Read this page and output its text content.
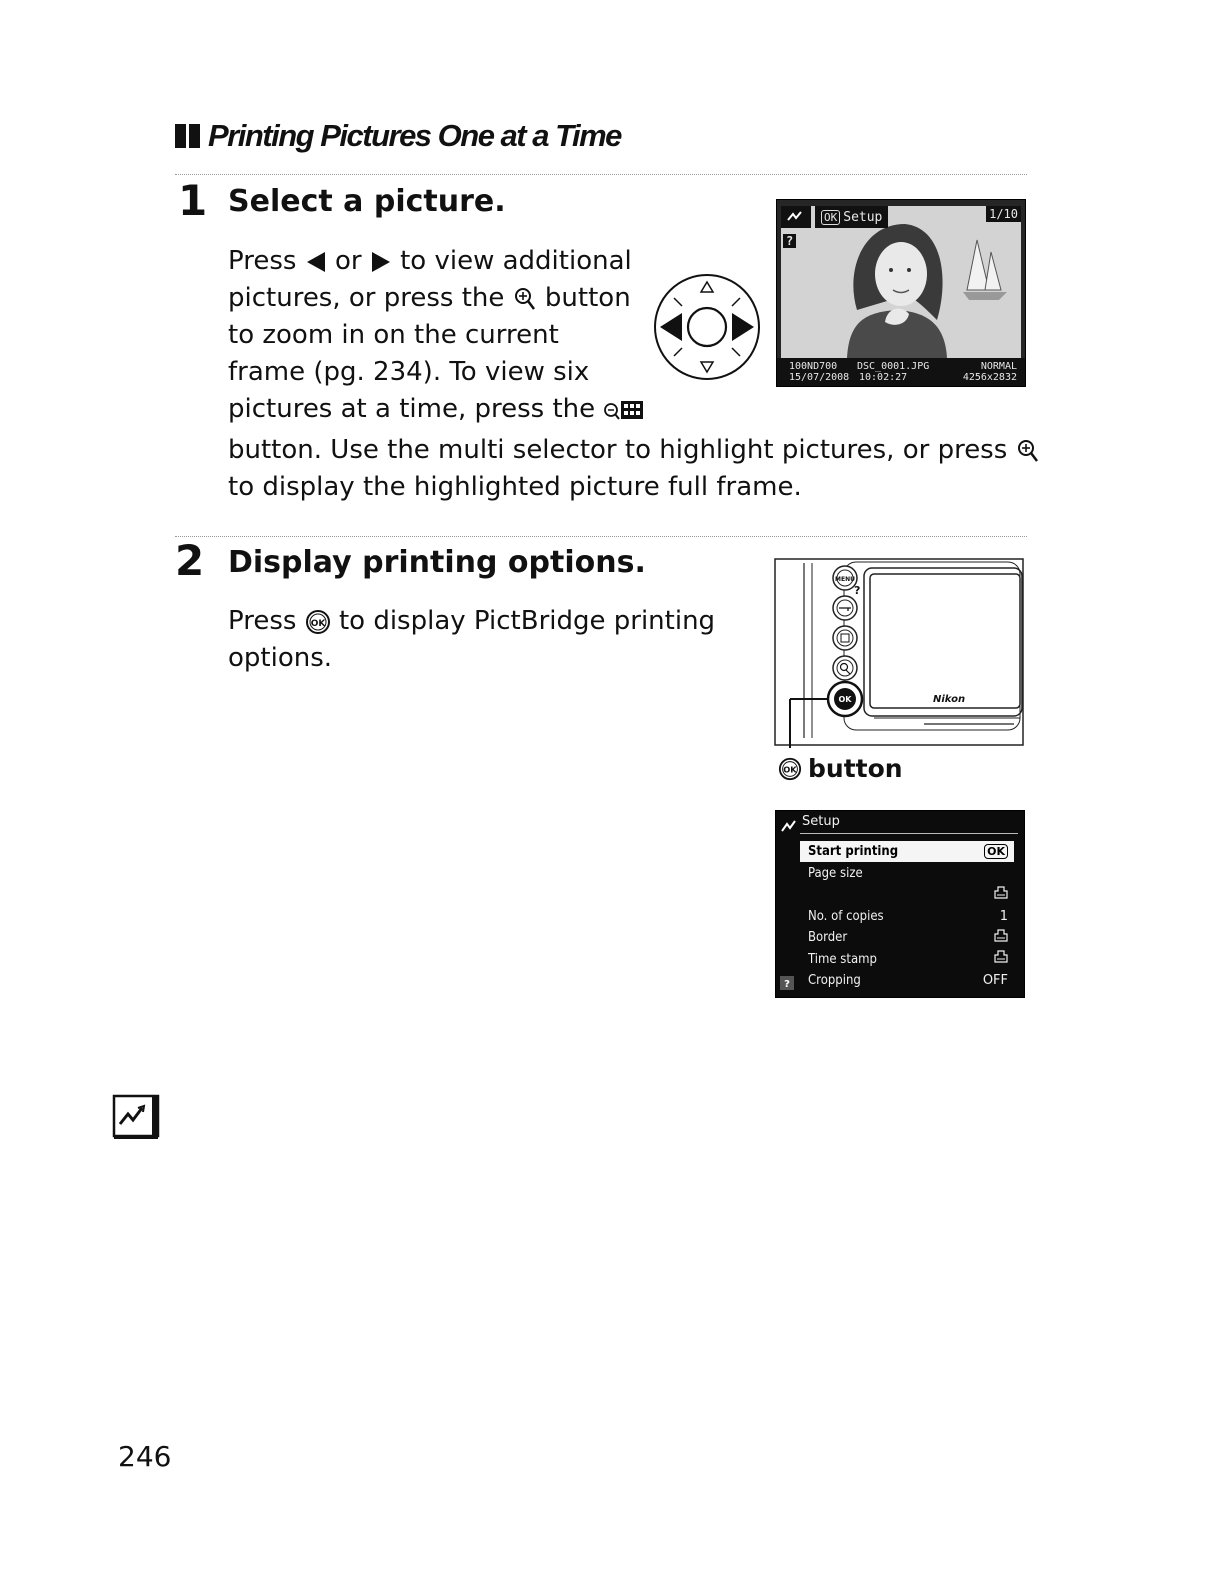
Printing Pictures One at a Time
1 Select a picture.

Press  or  to view additional
pictures, or press the  button
to zoom in on the current
frame (pg. 234). To view six
pictures at a time, press the

button. Use the multi selector to highlight pictures, or press
to display the highlighted picture full frame.

OK Setup	1/10
?
100ND700 DSC_0001.JPG	NORMAL
15/07/2008 10:02:27	4256x2832
2 Display printing options.

Press OK to display PictBridge printing
options.

MENU
OK	Nikon
?
OK button
Setup
Start printing	OK
Page size
No. of copies	1
Border
Time stamp
Cropping	OFF
?
246
